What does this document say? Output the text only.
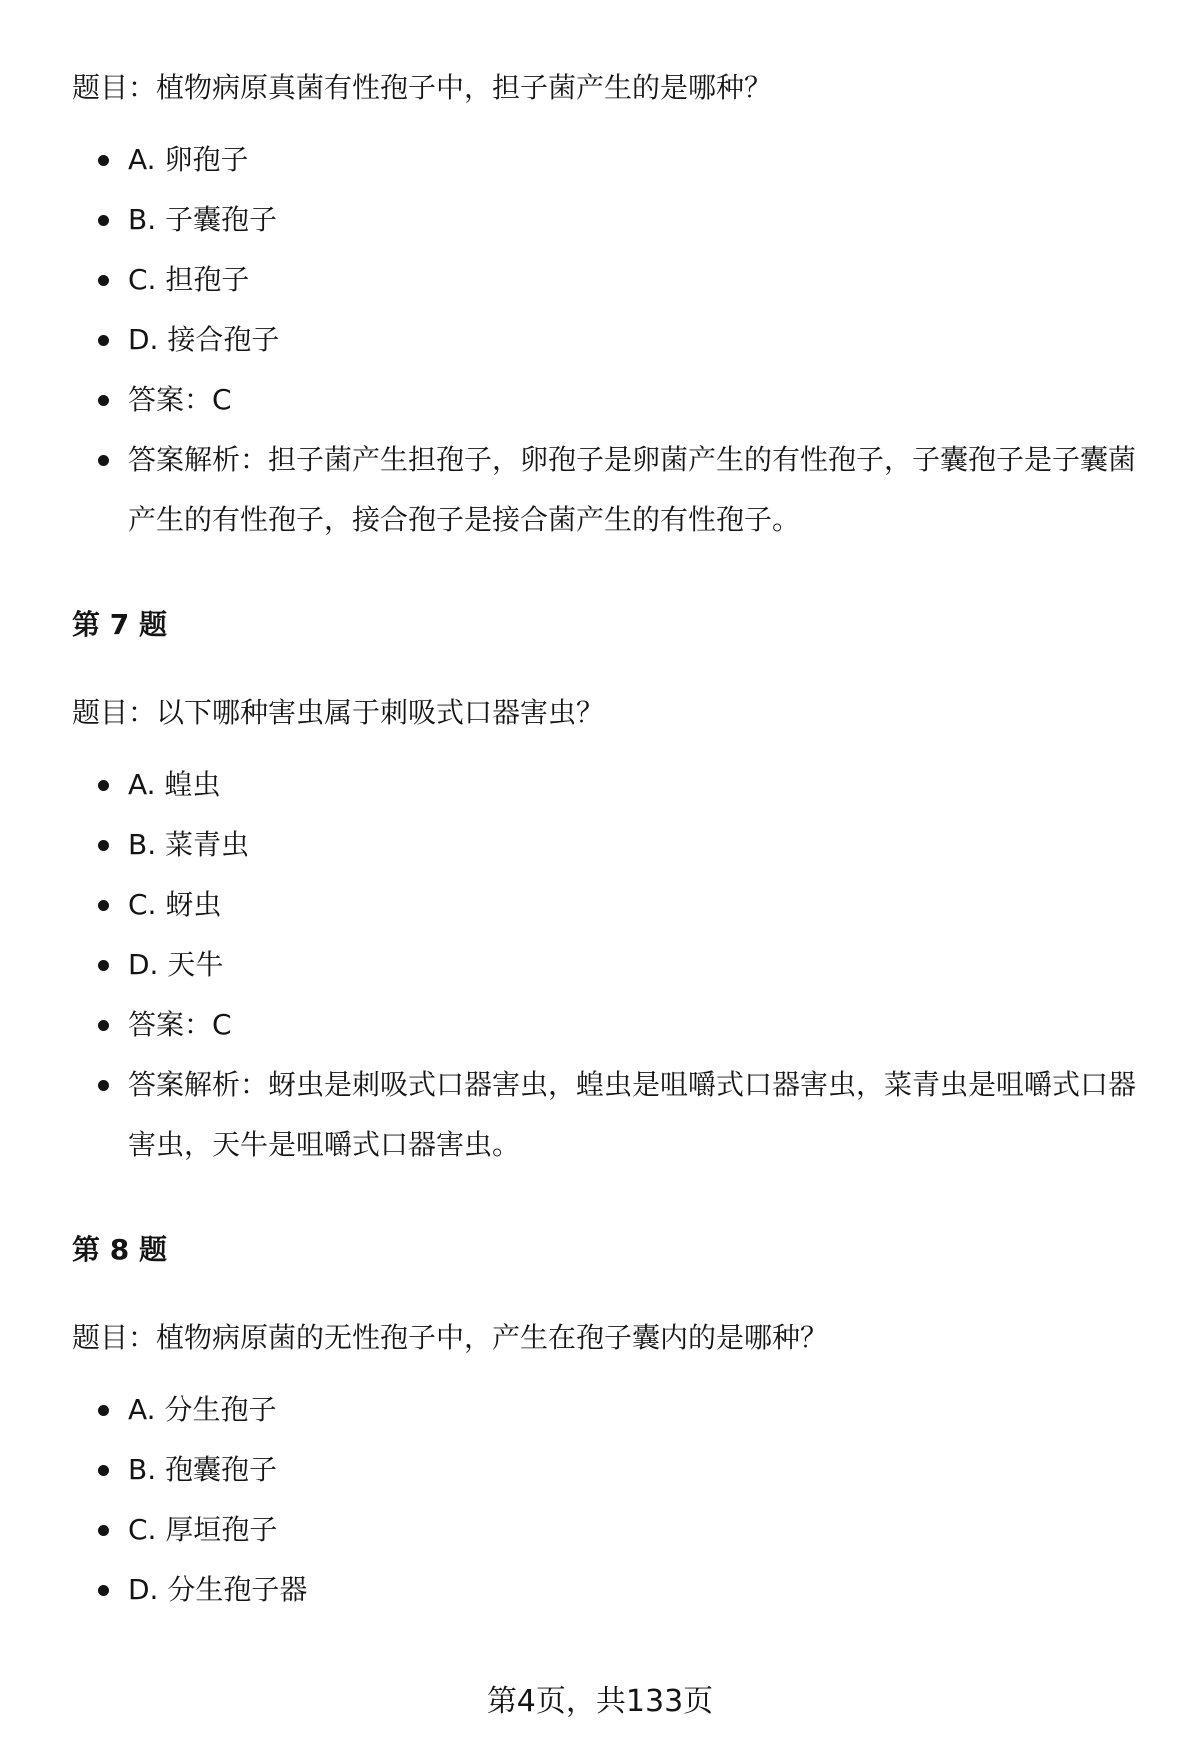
题目：植物病原真菌有性孢子中，担子菌产生的是哪种？

A. 卵孢子
B. 子囊孢子
C. 担孢子
D. 接合孢子
答案：C
答案解析：担子菌产生担孢子，卵孢子是卵菌产生的有性孢子，子囊孢子是子囊菌产生的有性孢子，接合孢子是接合菌产生的有性孢子。

第 7 题

题目：以下哪种害虫属于刺吸式口器害虫？

A. 蝗虫
B. 菜青虫
C. 蚜虫
D. 天牛
答案：C
答案解析：蚜虫是刺吸式口器害虫，蝗虫是咀嚼式口器害虫，菜青虫是咀嚼式口器害虫，天牛是咀嚼式口器害虫。

第 8 题

题目：植物病原菌的无性孢子中，产生在孢子囊内的是哪种？

A. 分生孢子
B. 孢囊孢子
C. 厚垣孢子
D. 分生孢子器
第4页，共133页
